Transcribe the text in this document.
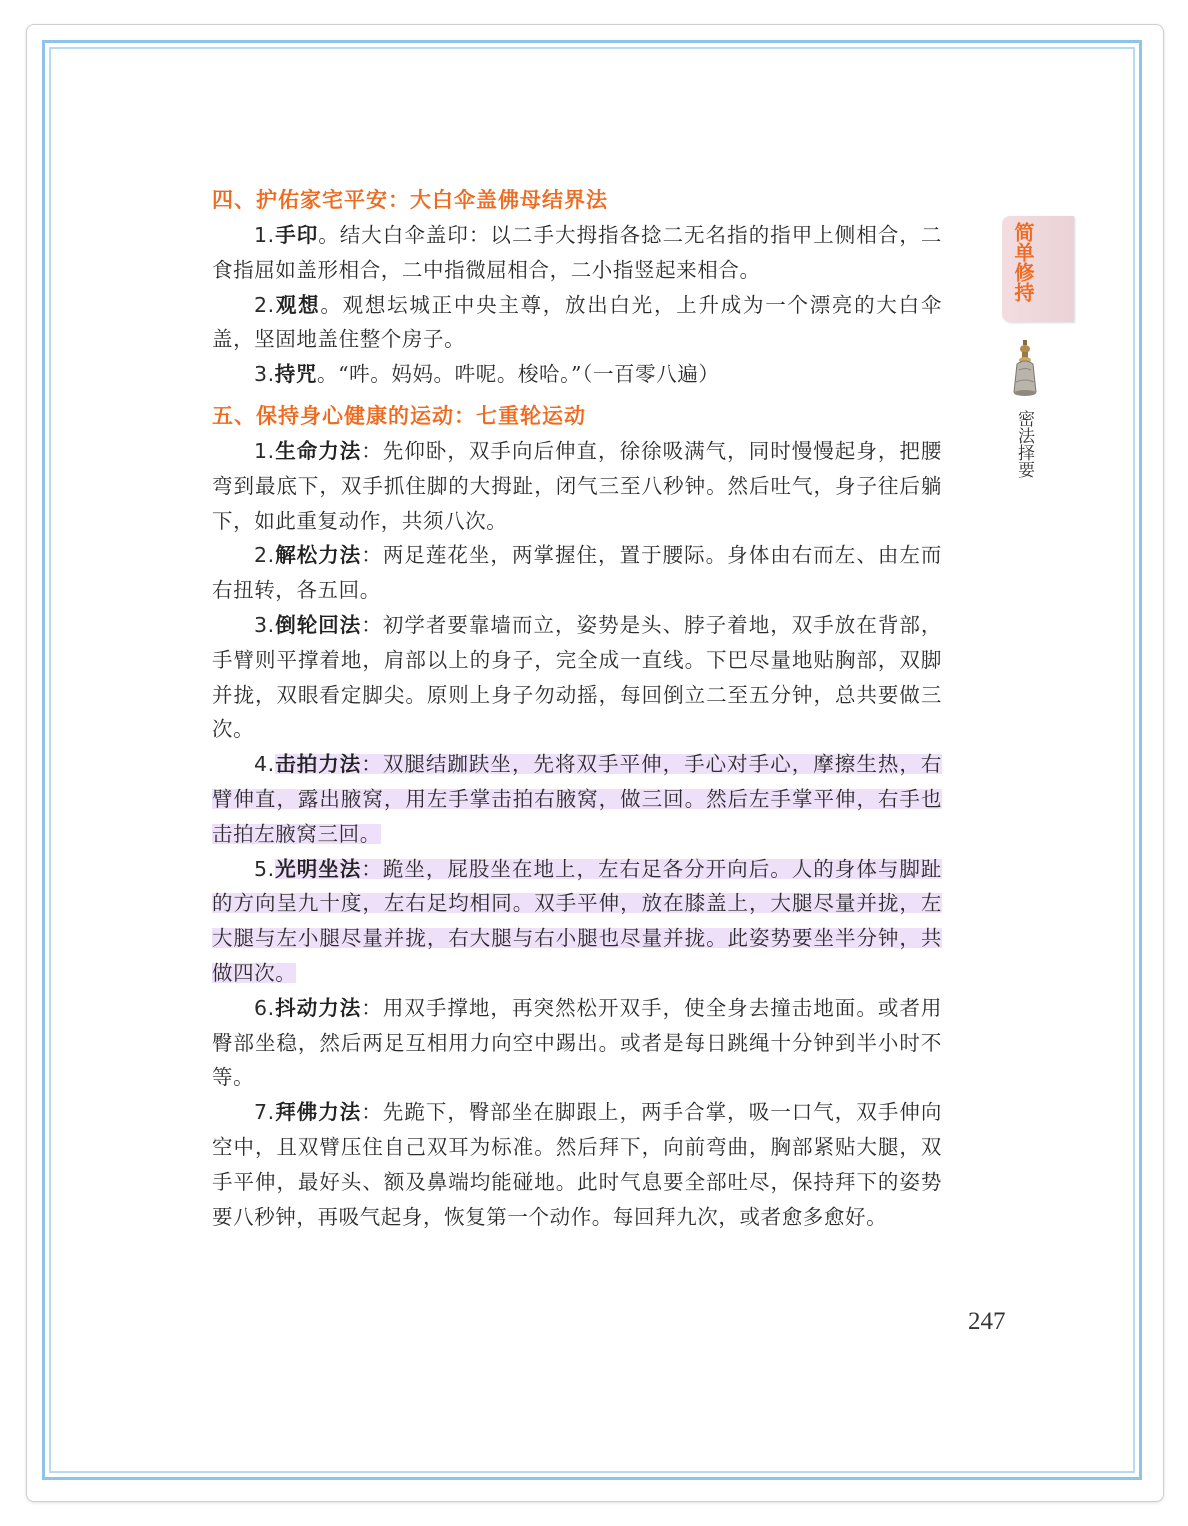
四、护佑家宅平安：大白伞盖佛母结界法

1.手印。结大白伞盖印：以二手大拇指各捻二无名指的指甲上侧相合，二食指屈如盖形相合，二中指微屈相合，二小指竖起来相合。

2.观想。观想坛城正中央主尊，放出白光，上升成为一个漂亮的大白伞盖，坚固地盖住整个房子。

3.持咒。“吽。妈妈。吽呢。梭哈。”（一百零八遍）

五、保持身心健康的运动：七重轮运动

1.生命力法：先仰卧，双手向后伸直，徐徐吸满气，同时慢慢起身，把腰弯到最底下，双手抓住脚的大拇趾，闭气三至八秒钟。然后吐气，身子往后躺下，如此重复动作，共须八次。

2.解松力法：两足莲花坐，两掌握住，置于腰际。身体由右而左、由左而右扭转，各五回。

3.倒轮回法：初学者要靠墙而立，姿势是头、脖子着地，双手放在背部，手臂则平撑着地，肩部以上的身子，完全成一直线。下巴尽量地贴胸部，双脚并拢，双眼看定脚尖。原则上身子勿动摇，每回倒立二至五分钟，总共要做三次。

4.击拍力法：双腿结跏趺坐，先将双手平伸，手心对手心，摩擦生热，右臂伸直，露出腋窝，用左手掌击拍右腋窝，做三回。然后左手掌平伸，右手也击拍左腋窝三回。

5.光明坐法：跪坐，屁股坐在地上，左右足各分开向后。人的身体与脚趾的方向呈九十度，左右足均相同。双手平伸，放在膝盖上，大腿尽量并拢，左大腿与左小腿尽量并拢，右大腿与右小腿也尽量并拢。此姿势要坐半分钟，共做四次。

6.抖动力法：用双手撑地，再突然松开双手，使全身去撞击地面。或者用臀部坐稳，然后两足互相用力向空中踢出。或者是每日跳绳十分钟到半小时不等。

7.拜佛力法：先跪下，臀部坐在脚跟上，两手合掌，吸一口气，双手伸向空中，且双臂压住自己双耳为标准。然后拜下，向前弯曲，胸部紧贴大腿，双手平伸，最好头、额及鼻端均能碰地。此时气息要全部吐尽，保持拜下的姿势要八秒钟，再吸气起身，恢复第一个动作。每回拜九次，或者愈多愈好。

简单修持
密法择要
247
